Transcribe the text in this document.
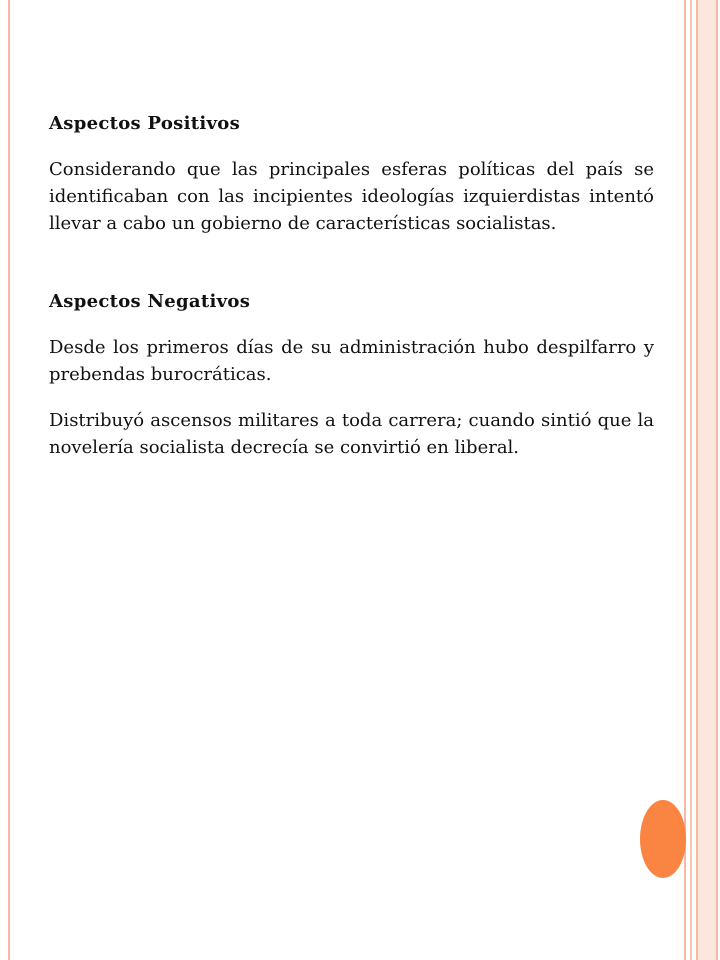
Aspectos Positivos

Considerando que las principales esferas políticas del país se identificaban con las incipientes ideologías izquierdistas intentó llevar a cabo un gobierno de características socialistas.

Aspectos Negativos

Desde los primeros días de su administración hubo despilfarro y prebendas burocráticas.

Distribuyó ascensos militares a toda carrera; cuando sintió que la novelería socialista decrecía se convirtió en liberal.
